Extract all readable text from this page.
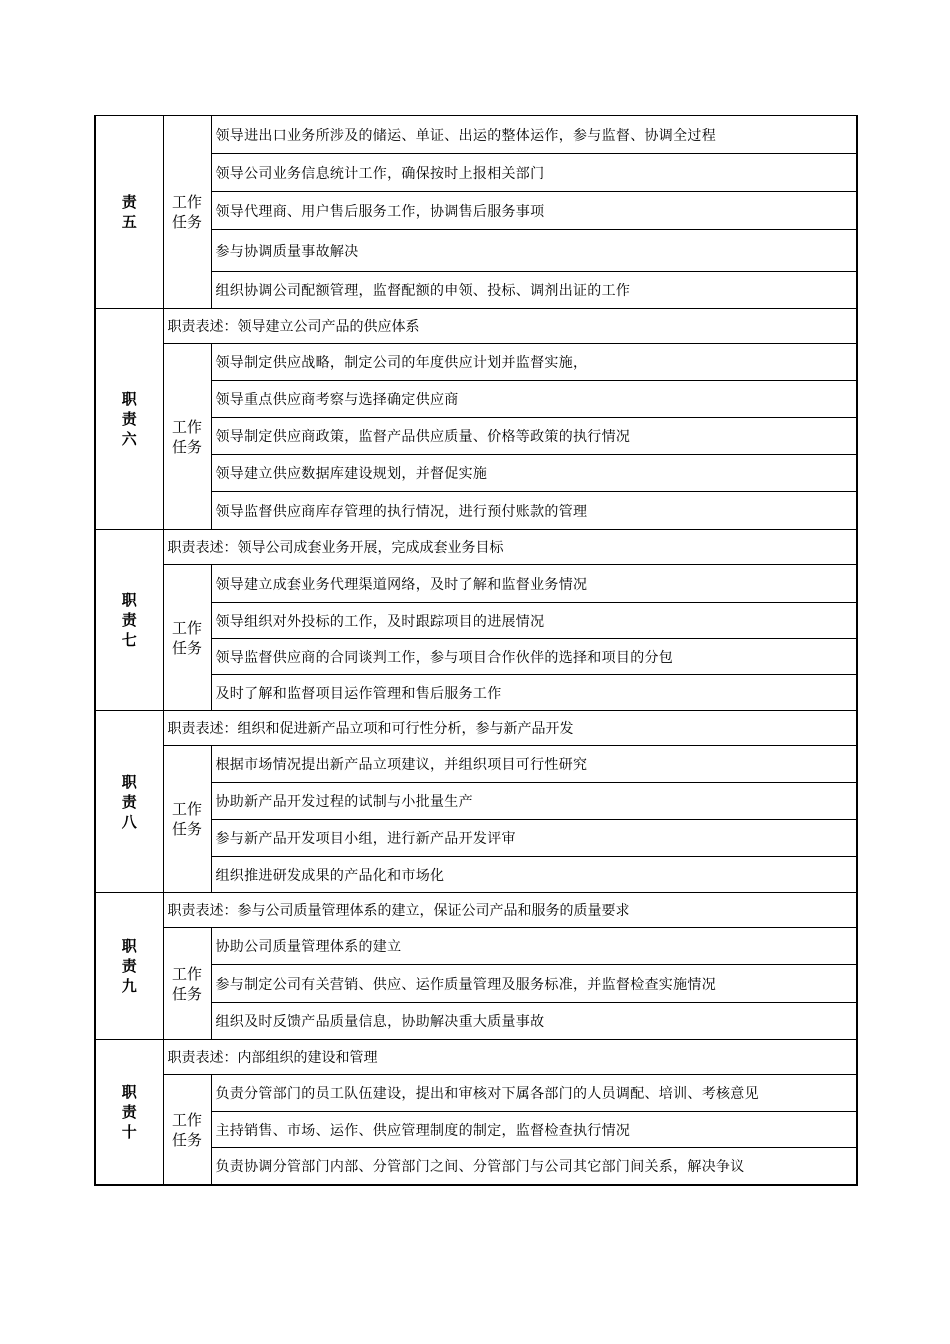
责
五	工作
任务	领导进出口业务所涉及的储运、单证、出运的整体运作，参与监督、协调全过程
		领导公司业务信息统计工作，确保按时上报相关部门
		领导代理商、用户售后服务工作，协调售后服务事项
		参与协调质量事故解决
		组织协调公司配额管理，监督配额的申领、投标、调剂出证的工作

职
责
六	职责表述：领导建立公司产品的供应体系	

	工作
任务	领导制定供应战略，制定公司的年度供应计划并监督实施，
		领导重点供应商考察与选择确定供应商
		领导制定供应商政策，监督产品供应质量、价格等政策的执行情况
		领导建立供应数据库建设规划，并督促实施
		领导监督供应商库存管理的执行情况，进行预付账款的管理

职
责
七	职责表述：领导公司成套业务开展，完成成套业务目标	

	工作
任务	领导建立成套业务代理渠道网络，及时了解和监督业务情况
		领导组织对外投标的工作，及时跟踪项目的进展情况
		领导监督供应商的合同谈判工作，参与项目合作伙伴的选择和项目的分包
		及时了解和监督项目运作管理和售后服务工作

职
责
八	职责表述：组织和促进新产品立项和可行性分析，参与新产品开发	

	工作
任务	根据市场情况提出新产品立项建议，并组织项目可行性研究
		协助新产品开发过程的试制与小批量生产
		参与新产品开发项目小组，进行新产品开发评审
		组织推进研发成果的产品化和市场化

职
责
九	职责表述：参与公司质量管理体系的建立，保证公司产品和服务的质量要求	

	工作
任务	协助公司质量管理体系的建立
		参与制定公司有关营销、供应、运作质量管理及服务标准，并监督检查实施情况
		组织及时反馈产品质量信息，协助解决重大质量事故

职
责
十	职责表述：内部组织的建设和管理	

	工作
任务	负责分管部门的员工队伍建设，提出和审核对下属各部门的人员调配、培训、考核意见
		主持销售、市场、运作、供应管理制度的制定，监督检查执行情况
		负责协调分管部门内部、分管部门之间、分管部门与公司其它部门间关系，解决争议
